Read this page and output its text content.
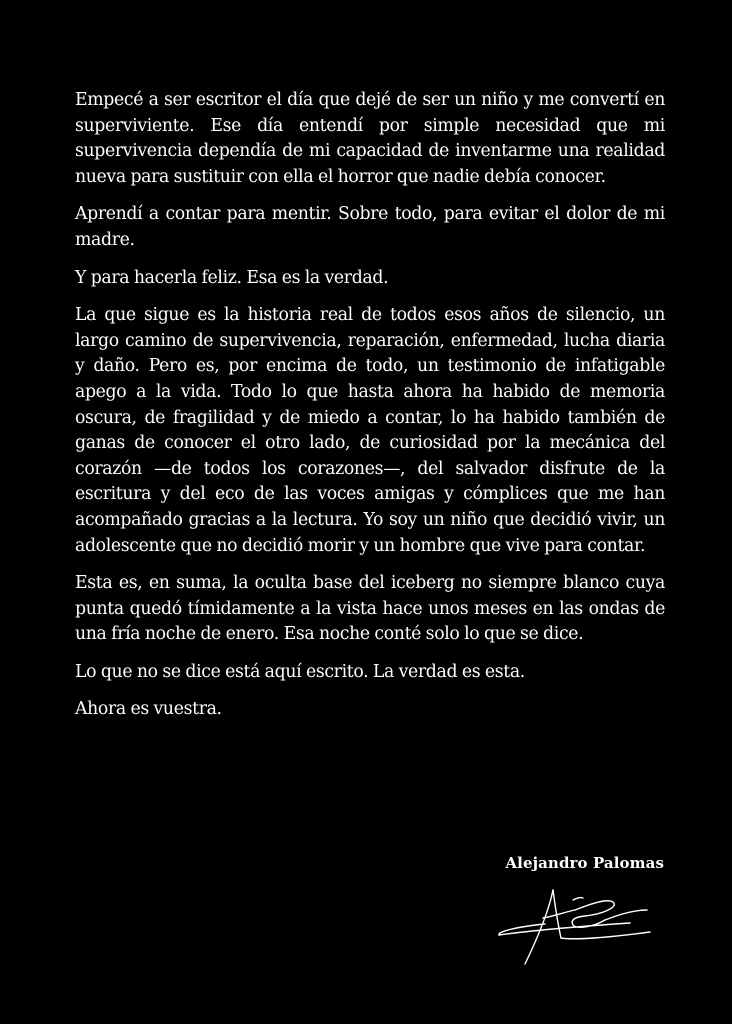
Empecé a ser escritor el día que dejé de ser un niño y me convertí en superviviente. Ese día entendí por simple necesidad que mi supervivencia dependía de mi capacidad de inventarme una realidad nueva para sustituir con ella el horror que nadie debía conocer.

Aprendí a contar para mentir. Sobre todo, para evitar el dolor de mi madre.

Y para hacerla feliz. Esa es la verdad.

La que sigue es la historia real de todos esos años de silencio, un largo camino de supervivencia, reparación, enfermedad, lucha diaria y daño. Pero es, por encima de todo, un testimonio de infatigable apego a la vida. Todo lo que hasta ahora ha habido de memoria oscura, de fragilidad y de miedo a contar, lo ha habido también de ganas de conocer el otro lado, de curiosidad por la mecánica del corazón —de todos los corazones—, del salvador disfrute de la escritura y del eco de las voces amigas y cómplices que me han acompañado gracias a la lectura. Yo soy un niño que decidió vivir, un adolescente que no decidió morir y un hombre que vive para contar.

Esta es, en suma, la oculta base del iceberg no siempre blanco cuya punta quedó tímidamente a la vista hace unos meses en las ondas de una fría noche de enero. Esa noche conté solo lo que se dice.

Lo que no se dice está aquí escrito. La verdad es esta.

Ahora es vuestra.

Alejandro Palomas
